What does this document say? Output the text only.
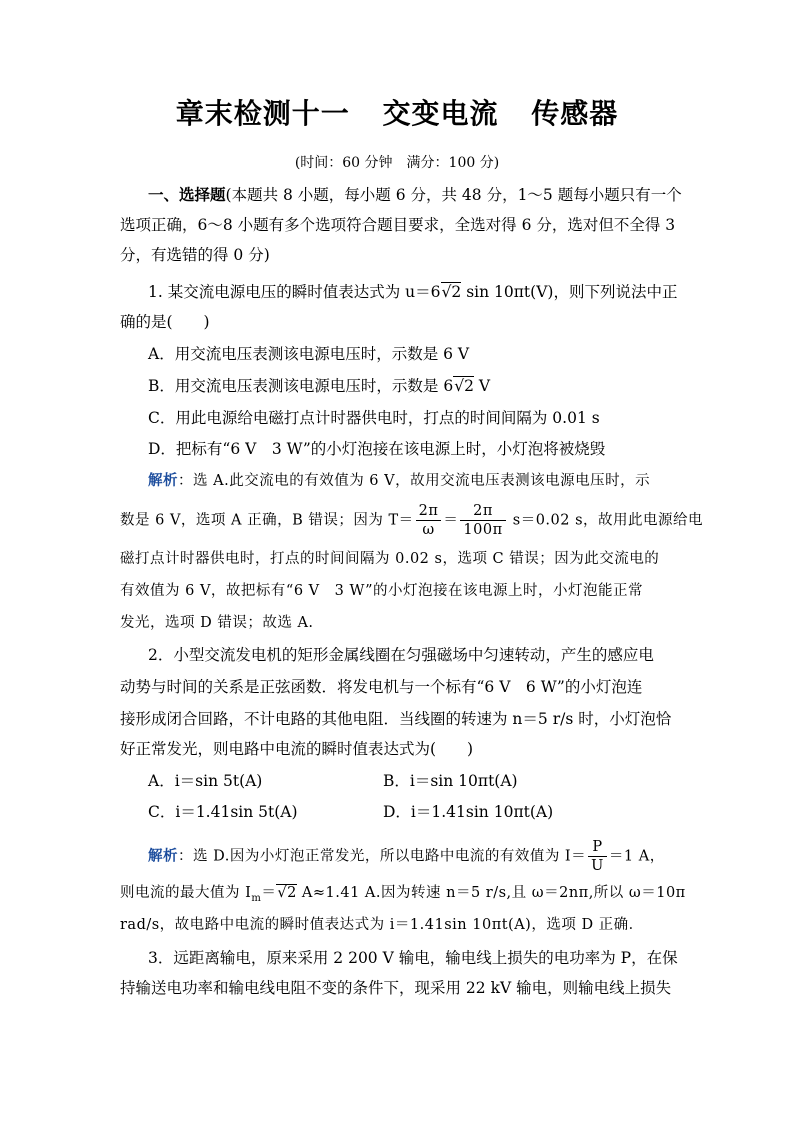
章末检测十一 交变电流 传感器
(时间：60 分钟　满分：100 分)
一、选择题(本题共 8 小题，每小题 6 分，共 48 分，1～5 题每小题只有一个
选项正确，6～8 小题有多个选项符合题目要求，全选对得 6 分，选对但不全得 3
分，有选错的得 0 分)
1. 某交流电源电压的瞬时值表达式为 u＝6√2 sin 10πt(V)，则下列说法中正
确的是(　　)
A．用交流电压表测该电源电压时，示数是 6 V
B．用交流电压表测该电源电压时，示数是 6√2 V
C．用此电源给电磁打点计时器供电时，打点的时间间隔为 0.01 s
D．把标有“6 V　3 W”的小灯泡接在该电源上时，小灯泡将被烧毁
解析：选 A.此交流电的有效值为 6 V，故用交流电压表测该电源电压时，示
数是 6 V，选项 A 正确，B 错误；因为 $T= \frac{2\pi}{\omega} = \frac{2\pi}{100\pi} s=0.02$ s，故用此电源给电
磁打点计时器供电时，打点的时间间隔为 0.02 s，选项 C 错误；因为此交流电的
有效值为 6 V，故把标有“6 V　3 W”的小灯泡接在该电源上时，小灯泡能正常
发光，选项 D 错误；故选 A.
2．小型交流发电机的矩形金属线圈在匀强磁场中匀速转动，产生的感应电
动势与时间的关系是正弦函数．将发电机与一个标有“6 V　6 W”的小灯泡连
接形成闭合回路，不计电路的其他电阻．当线圈的转速为 n＝5 r/s 时，小灯泡恰
好正常发光，则电路中电流的瞬时值表达式为(　　)
A．i＝sin 5t(A)	B．i＝sin 10πt(A)
C．i＝1.41sin 5t(A)	D．i＝1.41sin 10πt(A)
解析：选 D.因为小灯泡正常发光，所以电路中电流的有效值为 $I= \frac{P}{U} =1$ A，
则电流的最大值为 $I_m=√2$ A≈1.41 A.因为转速 n＝5 r/s,且 ω＝2nπ,所以 ω＝10π
rad/s，故电路中电流的瞬时值表达式为 i＝1.41sin 10πt(A)，选项 D 正确．
3．远距离输电，原来采用 2 200 V 输电，输电线上损失的电功率为 P，在保
持输送电功率和输电线电阻不变的条件下，现采用 22 kV 输电，则输电线上损失
